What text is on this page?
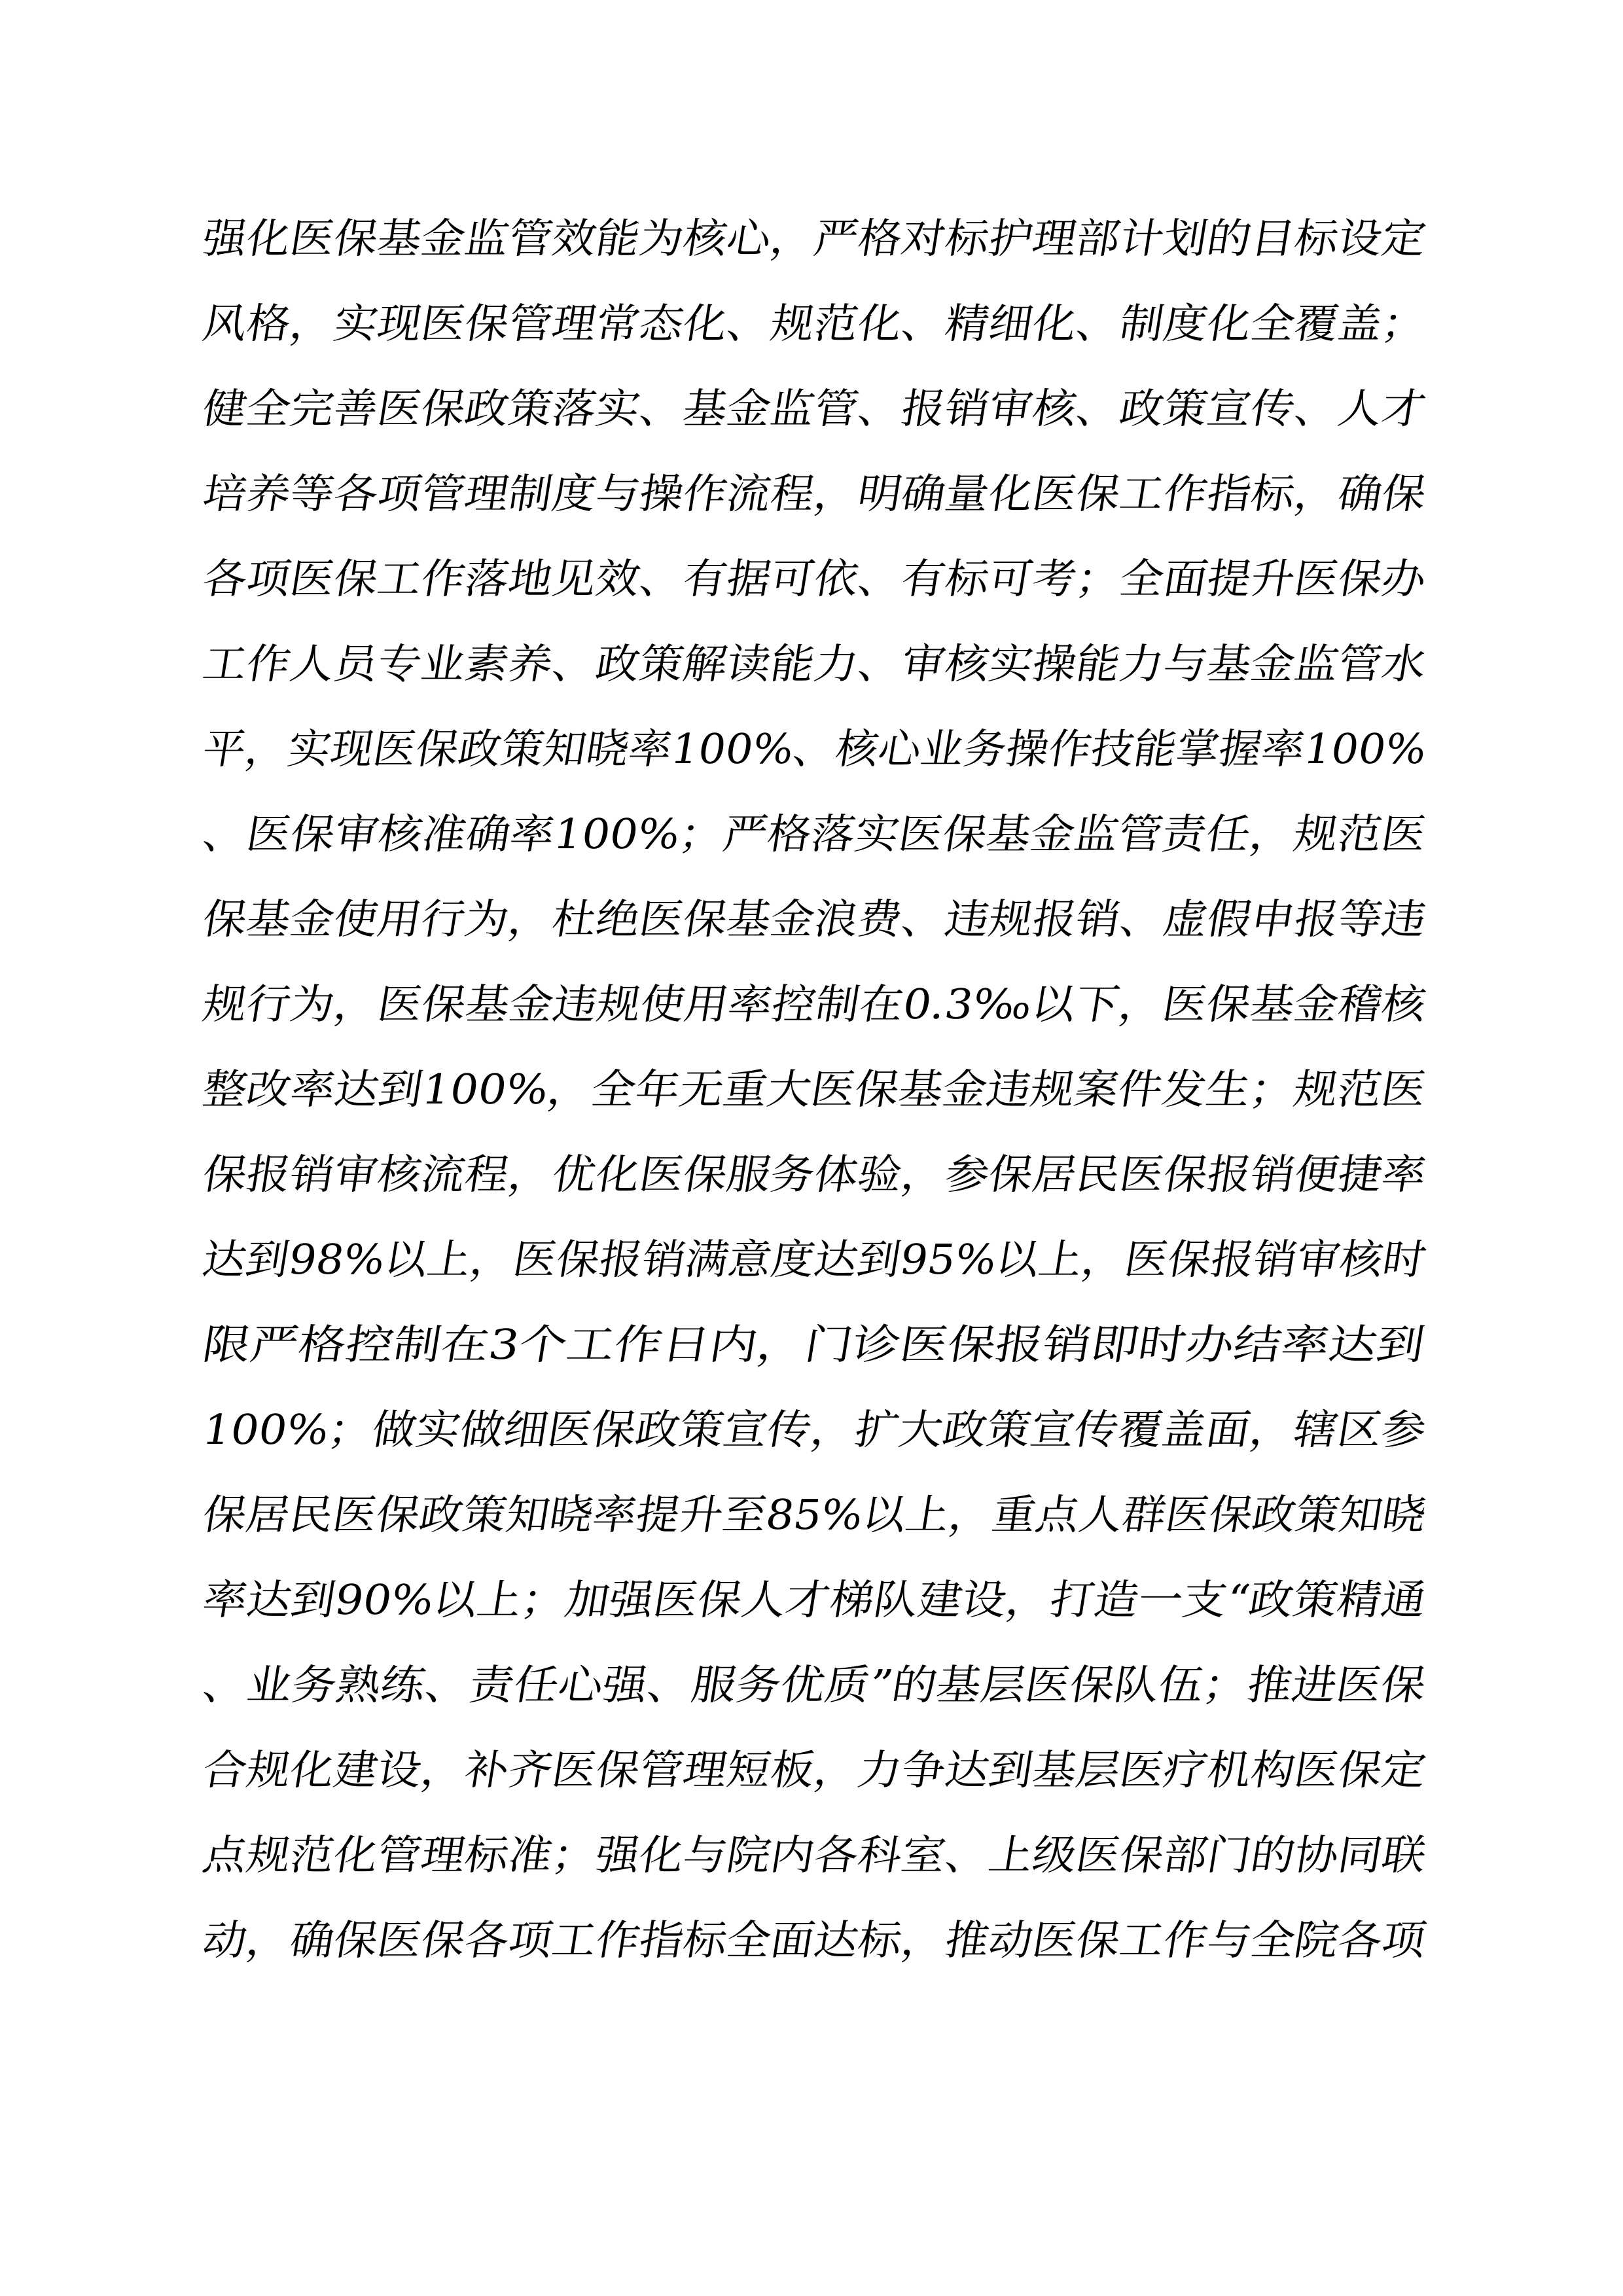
强化医保基金监管效能为核心，严格对标护理部计划的目标设定
风格，实现医保管理常态化、规范化、精细化、制度化全覆盖；
健全完善医保政策落实、基金监管、报销审核、政策宣传、人才
培养等各项管理制度与操作流程，明确量化医保工作指标，确保
各项医保工作落地见效、有据可依、有标可考；全面提升医保办
工作人员专业素养、政策解读能力、审核实操能力与基金监管水
平，实现医保政策知晓率100%、核心业务操作技能掌握率100%
、医保审核准确率100%；严格落实医保基金监管责任，规范医
保基金使用行为，杜绝医保基金浪费、违规报销、虚假申报等违
规行为，医保基金违规使用率控制在0.3‰以下，医保基金稽核
整改率达到100%，全年无重大医保基金违规案件发生；规范医
保报销审核流程，优化医保服务体验，参保居民医保报销便捷率
达到98%以上，医保报销满意度达到95%以上，医保报销审核时
限严格控制在3个工作日内，门诊医保报销即时办结率达到
100%；做实做细医保政策宣传，扩大政策宣传覆盖面，辖区参
保居民医保政策知晓率提升至85%以上，重点人群医保政策知晓
率达到90%以上；加强医保人才梯队建设，打造一支“政策精通
、业务熟练、责任心强、服务优质”的基层医保队伍；推进医保
合规化建设，补齐医保管理短板，力争达到基层医疗机构医保定
点规范化管理标准；强化与院内各科室、上级医保部门的协同联
动，确保医保各项工作指标全面达标，推动医保工作与全院各项
